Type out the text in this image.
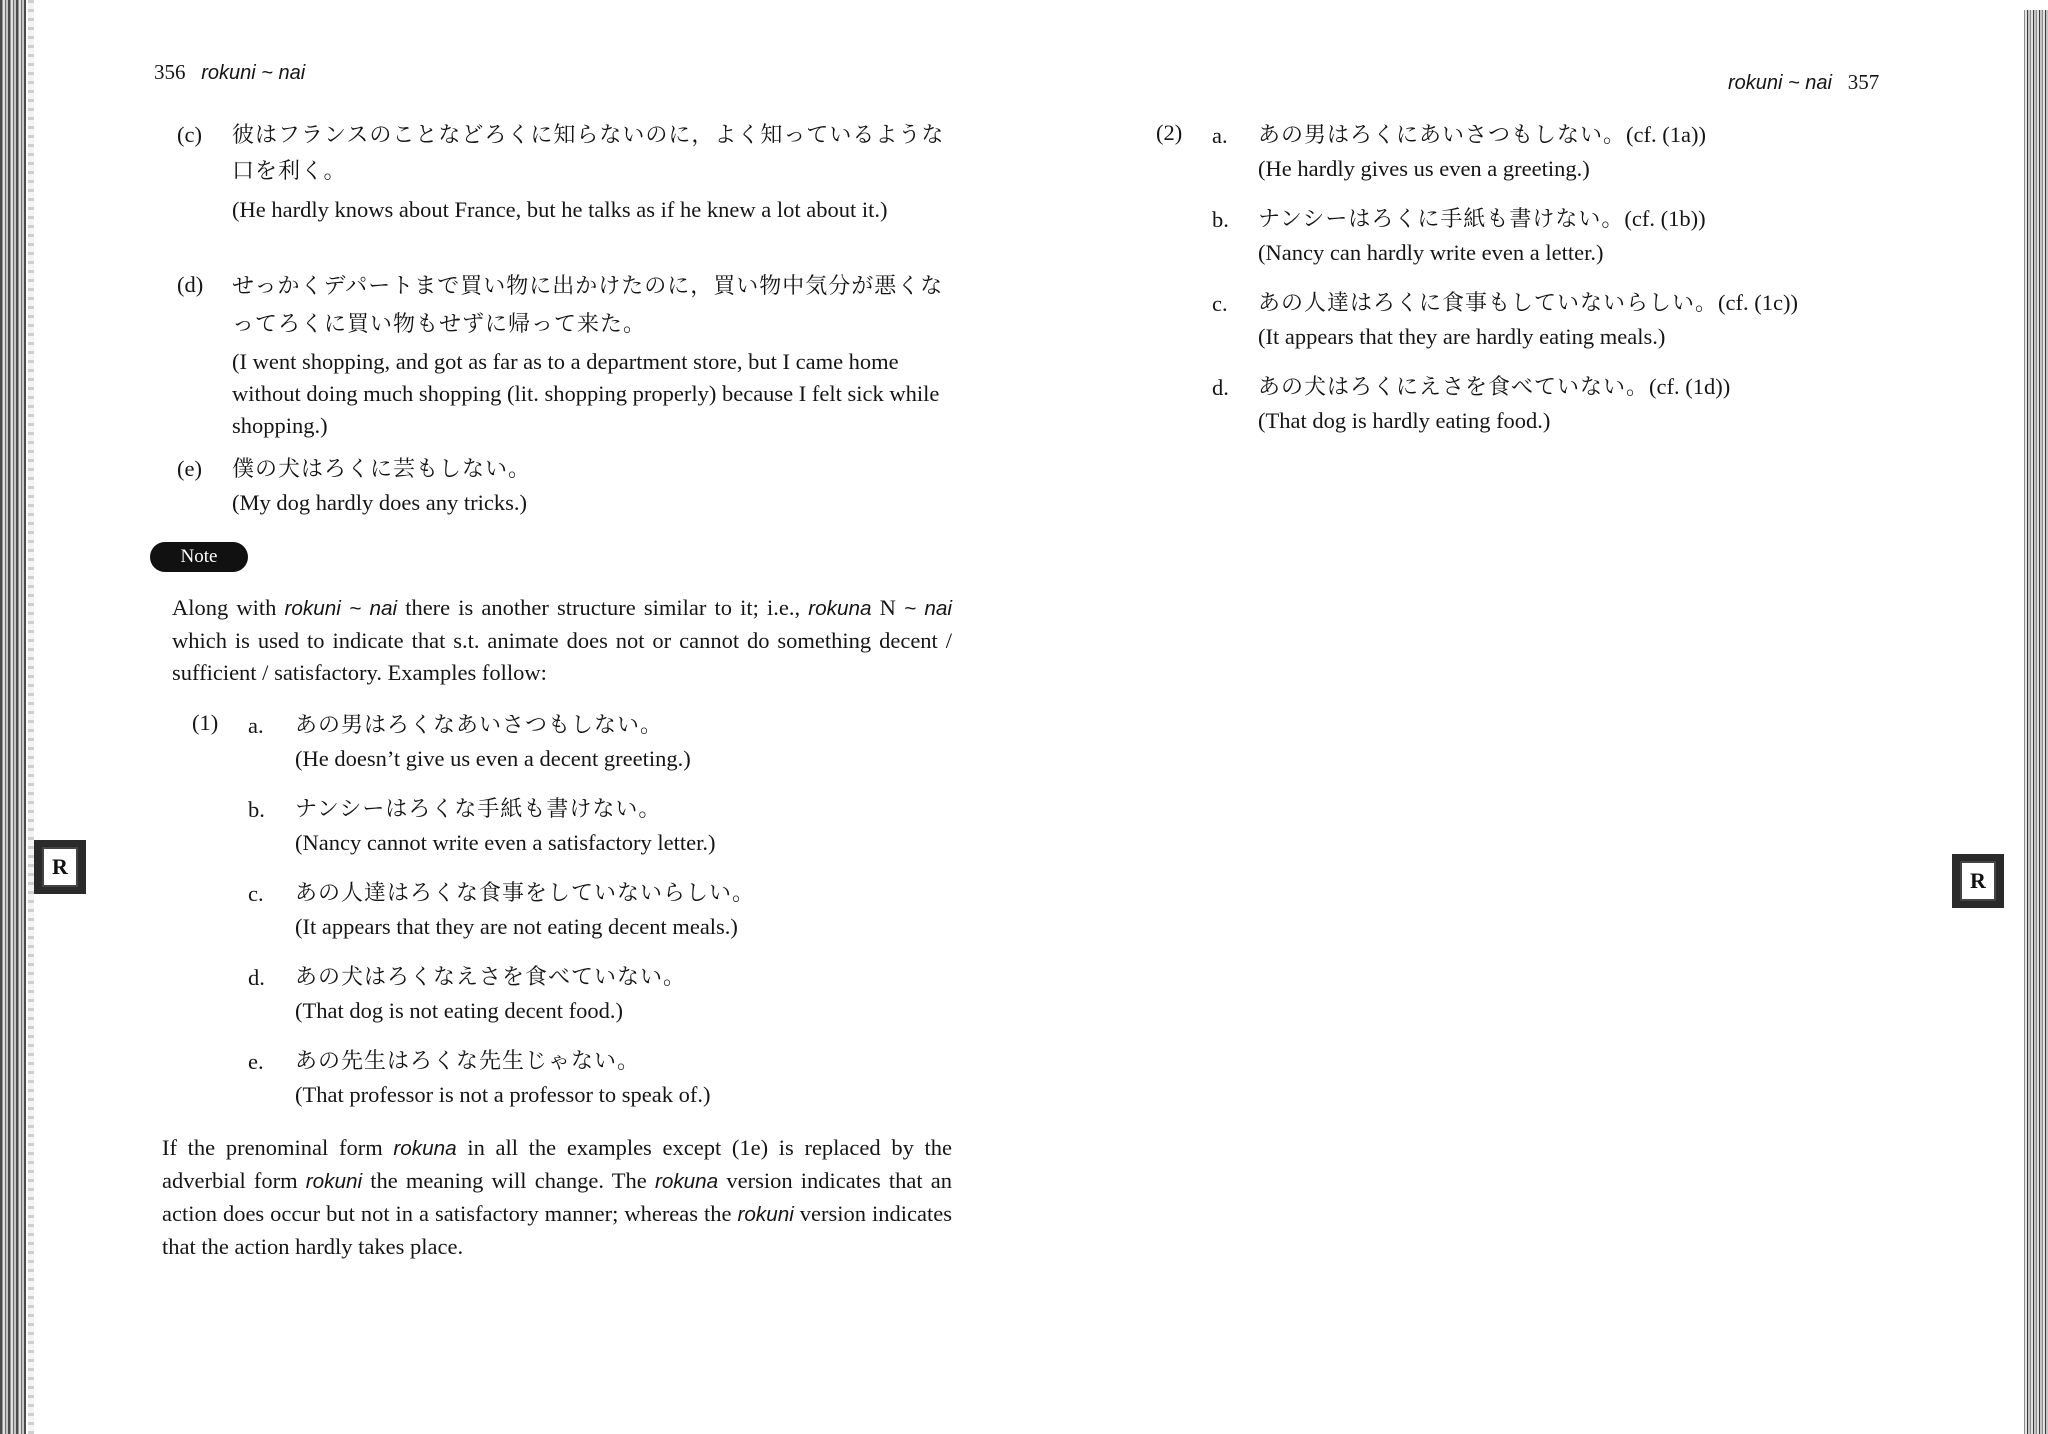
356 rokuni ~ nai
(c) 彼はフランスのことなどろくに知らないのに，よく知っているような口を利く。
(He hardly knows about France, but he talks as if he knew a lot about it.)
(d) せっかくデパートまで買い物に出かけたのに，買い物中気分が悪くなってろくに買い物もせずに帰って来た。
(I went shopping, and got as far as to a department store, but I came home without doing much shopping (lit. shopping properly) because I felt sick while shopping.)
(e) 僕の犬はろくに芸もしない。
(My dog hardly does any tricks.)
Note
Along with rokuni ~ nai there is another structure similar to it; i.e., rokuna N ~ nai which is used to indicate that s.t. animate does not or cannot do something decent / sufficient / satisfactory. Examples follow:
(1) a. あの男はろくなあいさつもしない。
(He doesn’t give us even a decent greeting.)
b. ナンシーはろくな手紙も書けない。
(Nancy cannot write even a satisfactory letter.)
c. あの人達はろくな食事をしていないらしい。
(It appears that they are not eating decent meals.)
d. あの犬はろくなえさを食べていない。
(That dog is not eating decent food.)
e. あの先生はろくな先生じゃない。
(That professor is not a professor to speak of.)
If the prenominal form rokuna in all the examples except (1e) is replaced by the adverbial form rokuni the meaning will change. The rokuna version indicates that an action does occur but not in a satisfactory manner; whereas the rokuni version indicates that the action hardly takes place.
R
rokuni ~ nai 357
(2) a. あの男はろくにあいさつもしない。(cf. (1a))
(He hardly gives us even a greeting.)
b. ナンシーはろくに手紙も書けない。(cf. (1b))
(Nancy can hardly write even a letter.)
c. あの人達はろくに食事もしていないらしい。(cf. (1c))
(It appears that they are hardly eating meals.)
d. あの犬はろくにえさを食べていない。(cf. (1d))
(That dog is hardly eating food.)
R
